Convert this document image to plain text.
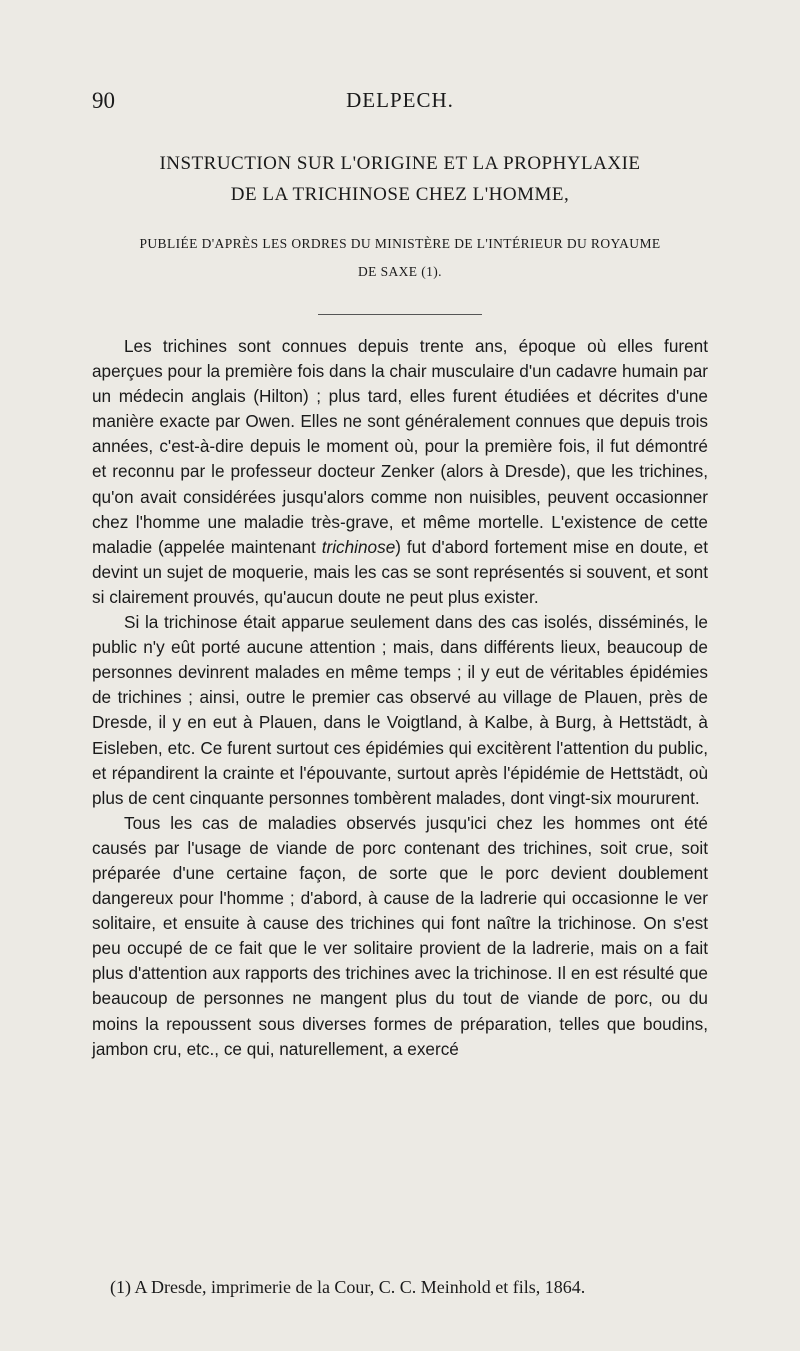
90	DELPECH.
INSTRUCTION SUR L'ORIGINE ET LA PROPHYLAXIE
DE LA TRICHINOSE CHEZ L'HOMME,
PUBLIÉE D'APRÈS LES ORDRES DU MINISTÈRE DE L'INTÉRIEUR DU ROYAUME
DE SAXE (1).

Les trichines sont connues depuis trente ans, époque où elles furent aperçues pour la première fois dans la chair musculaire d'un cadavre humain par un médecin anglais (Hilton) ; plus tard, elles furent étudiées et décrites d'une manière exacte par Owen. Elles ne sont généralement connues que depuis trois années, c'est-à-dire depuis le moment où, pour la première fois, il fut démontré et reconnu par le professeur docteur Zenker (alors à Dresde), que les trichines, qu'on avait considérées jusqu'alors comme non nuisibles, peuvent occasionner chez l'homme une maladie très-grave, et même mortelle. L'existence de cette maladie (appelée maintenant trichinose) fut d'abord fortement mise en doute, et devint un sujet de moquerie, mais les cas se sont représentés si souvent, et sont si clairement prouvés, qu'aucun doute ne peut plus exister.

Si la trichinose était apparue seulement dans des cas isolés, disséminés, le public n'y eût porté aucune attention ; mais, dans différents lieux, beaucoup de personnes devinrent malades en même temps ; il y eut de véritables épidémies de trichines ; ainsi, outre le premier cas observé au village de Plauen, près de Dresde, il y en eut à Plauen, dans le Voigtland, à Kalbe, à Burg, à Hettstädt, à Eisleben, etc. Ce furent surtout ces épidémies qui excitèrent l'attention du public, et répandirent la crainte et l'épouvante, surtout après l'épidémie de Hettstädt, où plus de cent cinquante personnes tombèrent malades, dont vingt-six moururent.

Tous les cas de maladies observés jusqu'ici chez les hommes ont été causés par l'usage de viande de porc contenant des trichines, soit crue, soit préparée d'une certaine façon, de sorte que le porc devient doublement dangereux pour l'homme ; d'abord, à cause de la ladrerie qui occasionne le ver solitaire, et ensuite à cause des trichines qui font naître la trichinose. On s'est peu occupé de ce fait que le ver solitaire provient de la ladrerie, mais on a fait plus d'attention aux rapports des trichines avec la trichinose. Il en est résulté que beaucoup de personnes ne mangent plus du tout de viande de porc, ou du moins la repoussent sous diverses formes de préparation, telles que boudins, jambon cru, etc., ce qui, naturellement, a exercé

(1) A Dresde, imprimerie de la Cour, C. C. Meinhold et fils, 1864.
